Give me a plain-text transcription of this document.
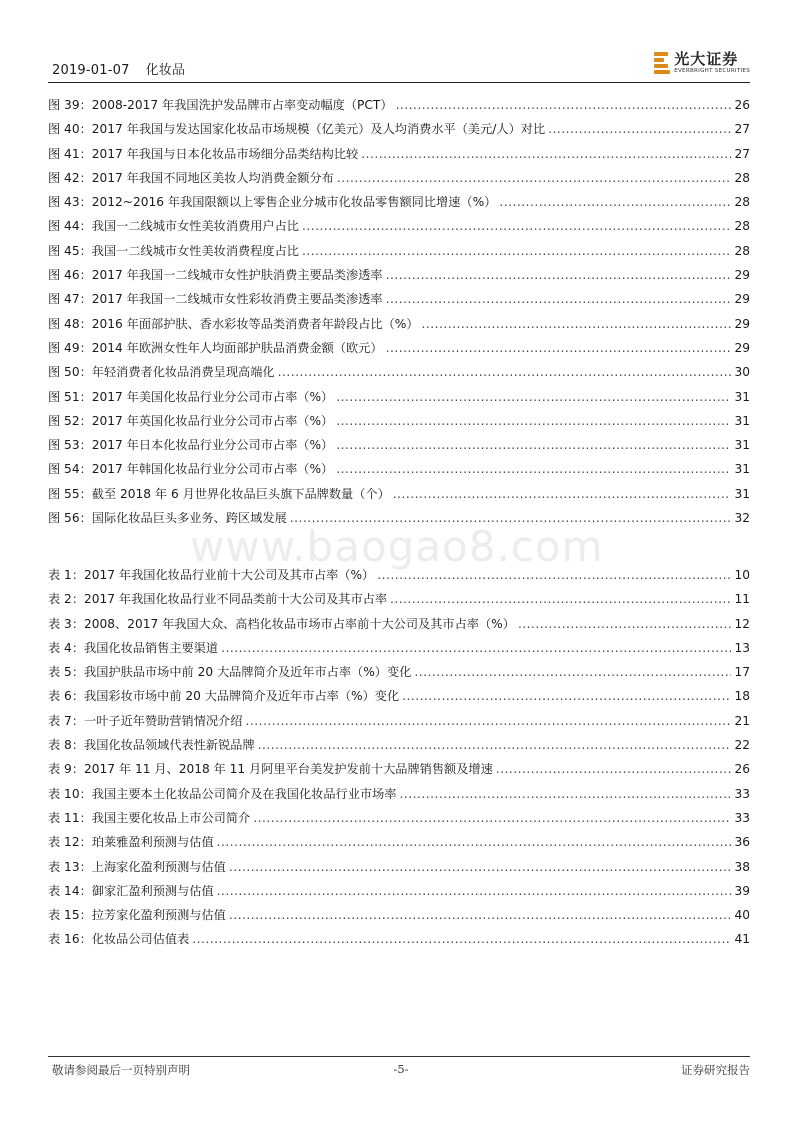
2019-01-07 化妆品
光大证券
EVERBRIGHT SECURITIES
图 39：2008-2017 年我国洗护发品牌市占率变动幅度（PCT） .....	26
图 40：2017 年我国与发达国家化妆品市场规模（亿美元）及人均消费水平（美元/人）对比 .....	27
图 41：2017 年我国与日本化妆品市场细分品类结构比较 .....	27
图 42：2017 年我国不同地区美妆人均消费金额分布 .....	28
图 43：2012~2016 年我国限额以上零售企业分城市化妆品零售额同比增速（%） .....	28
图 44：我国一二线城市女性美妆消费用户占比 .....	28
图 45：我国一二线城市女性美妆消费程度占比 .....	28
图 46：2017 年我国一二线城市女性护肤消费主要品类渗透率 .....	29
图 47：2017 年我国一二线城市女性彩妆消费主要品类渗透率 .....	29
图 48：2016 年面部护肤、香水彩妆等品类消费者年龄段占比（%） .....	29
图 49：2014 年欧洲女性年人均面部护肤品消费金额（欧元） .....	29
图 50：年轻消费者化妆品消费呈现高端化 .....	30
图 51：2017 年美国化妆品行业分公司市占率（%） .....	31
图 52：2017 年英国化妆品行业分公司市占率（%） .....	31
图 53：2017 年日本化妆品行业分公司市占率（%） .....	31
图 54：2017 年韩国化妆品行业分公司市占率（%） .....	31
图 55：截至 2018 年 6 月世界化妆品巨头旗下品牌数量（个） .....	31
图 56：国际化妆品巨头多业务、跨区域发展 .....	32
www.baogao8.com
表 1：2017 年我国化妆品行业前十大公司及其市占率（%） .....	10
表 2：2017 年我国化妆品行业不同品类前十大公司及其市占率 .....	11
表 3：2008、2017 年我国大众、高档化妆品市场市占率前十大公司及其市占率（%） .....	12
表 4：我国化妆品销售主要渠道 .....	13
表 5：我国护肤品市场中前 20 大品牌简介及近年市占率（%）变化 .....	17
表 6：我国彩妆市场中前 20 大品牌简介及近年市占率（%）变化 .....	18
表 7：一叶子近年赞助营销情况介绍 .....	21
表 8：我国化妆品领域代表性新锐品牌 .....	22
表 9：2017 年 11 月、2018 年 11 月阿里平台美发护发前十大品牌销售额及增速 .....	26
表 10：我国主要本土化妆品公司简介及在我国化妆品行业市场率 .....	33
表 11：我国主要化妆品上市公司简介 .....	33
表 12：珀莱雅盈利预测与估值 .....	36
表 13：上海家化盈利预测与估值 .....	38
表 14：御家汇盈利预测与估值 .....	39
表 15：拉芳家化盈利预测与估值 .....	40
表 16：化妆品公司估值表 .....	41
敬请参阅最后一页特别声明	-5-	证券研究报告
